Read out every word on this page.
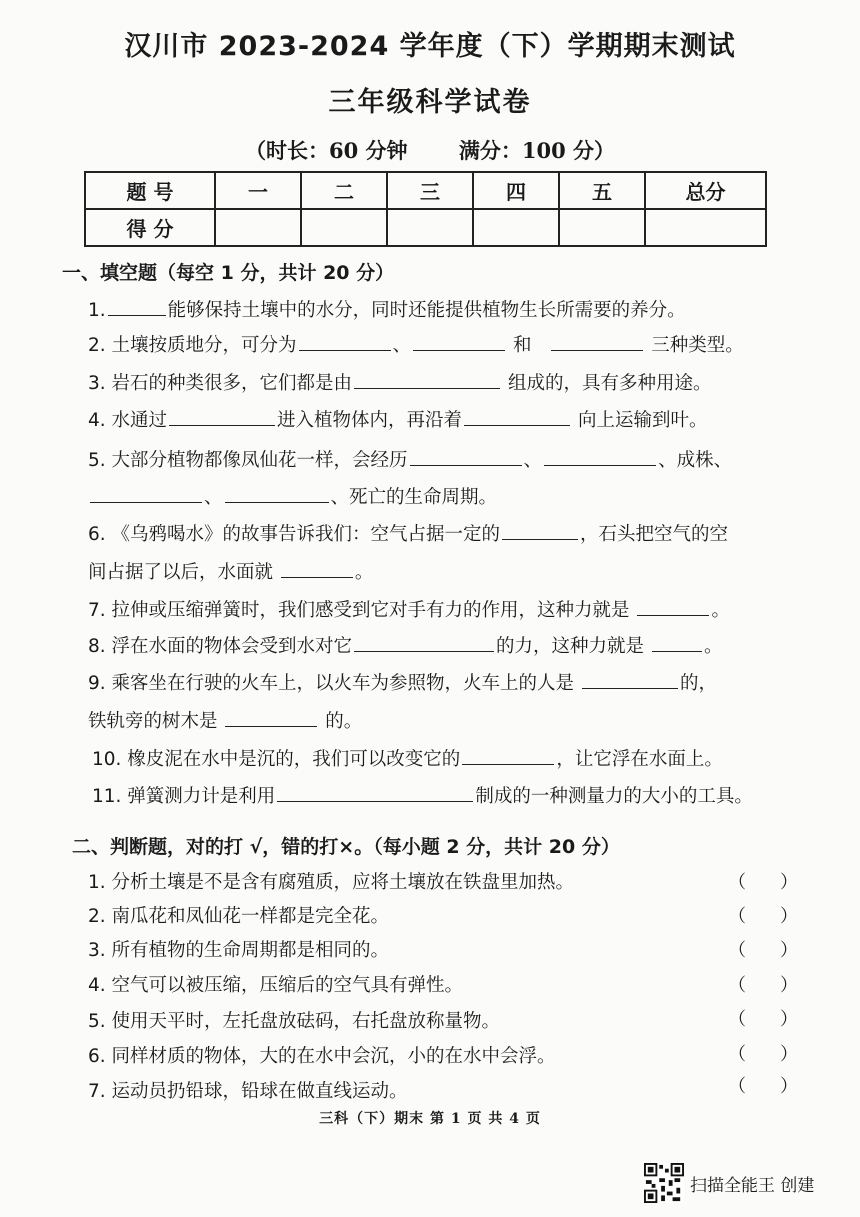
汉川市 2023-2024 学年度（下）学期期末测试
三年级科学试卷
（时长：60 分钟 满分：100 分）
题 号	一	二	三	四	五	总分
得 分						
一、填空题（每空 1 分，共计 20 分）
1.	能够保持土壤中的水分，同时还能提供植物生长所需要的养分。
2. 土壤按质地分，可分为	、	和	三种类型。
3. 岩石的种类很多，它们都是由	组成的，具有多种用途。
4. 水通过	进入植物体内，再沿着	向上运输到叶。
5. 大部分植物都像凤仙花一样，会经历	、	、成株、
、	、死亡的生命周期。
6. 《乌鸦喝水》的故事告诉我们：空气占据一定的	，石头把空气的空
间占据了以后，水面就	。
7. 拉伸或压缩弹簧时，我们感受到它对手有力的作用，这种力就是	。
8. 浮在水面的物体会受到水对它	的力，这种力就是	。
9. 乘客坐在行驶的火车上，以火车为参照物，火车上的人是	的，
铁轨旁的树木是	的。
10. 橡皮泥在水中是沉的，我们可以改变它的	，让它浮在水面上。
11. 弹簧测力计是利用	制成的一种测量力的大小的工具。
二、判断题，对的打 √，错的打×。（每小题 2 分，共计 20 分）
1. 分析土壤是不是含有腐殖质，应将土壤放在铁盘里加热。	（ ）
2. 南瓜花和凤仙花一样都是完全花。	（ ）
3. 所有植物的生命周期都是相同的。	（ ）
4. 空气可以被压缩，压缩后的空气具有弹性。	（ ）
5. 使用天平时，左托盘放砝码，右托盘放称量物。	（ ）
6. 同样材质的物体，大的在水中会沉，小的在水中会浮。	（ ）
7. 运动员扔铅球，铅球在做直线运动。	（ ）
三科（下）期末 第 1 页 共 4 页
扫描全能王 创建
